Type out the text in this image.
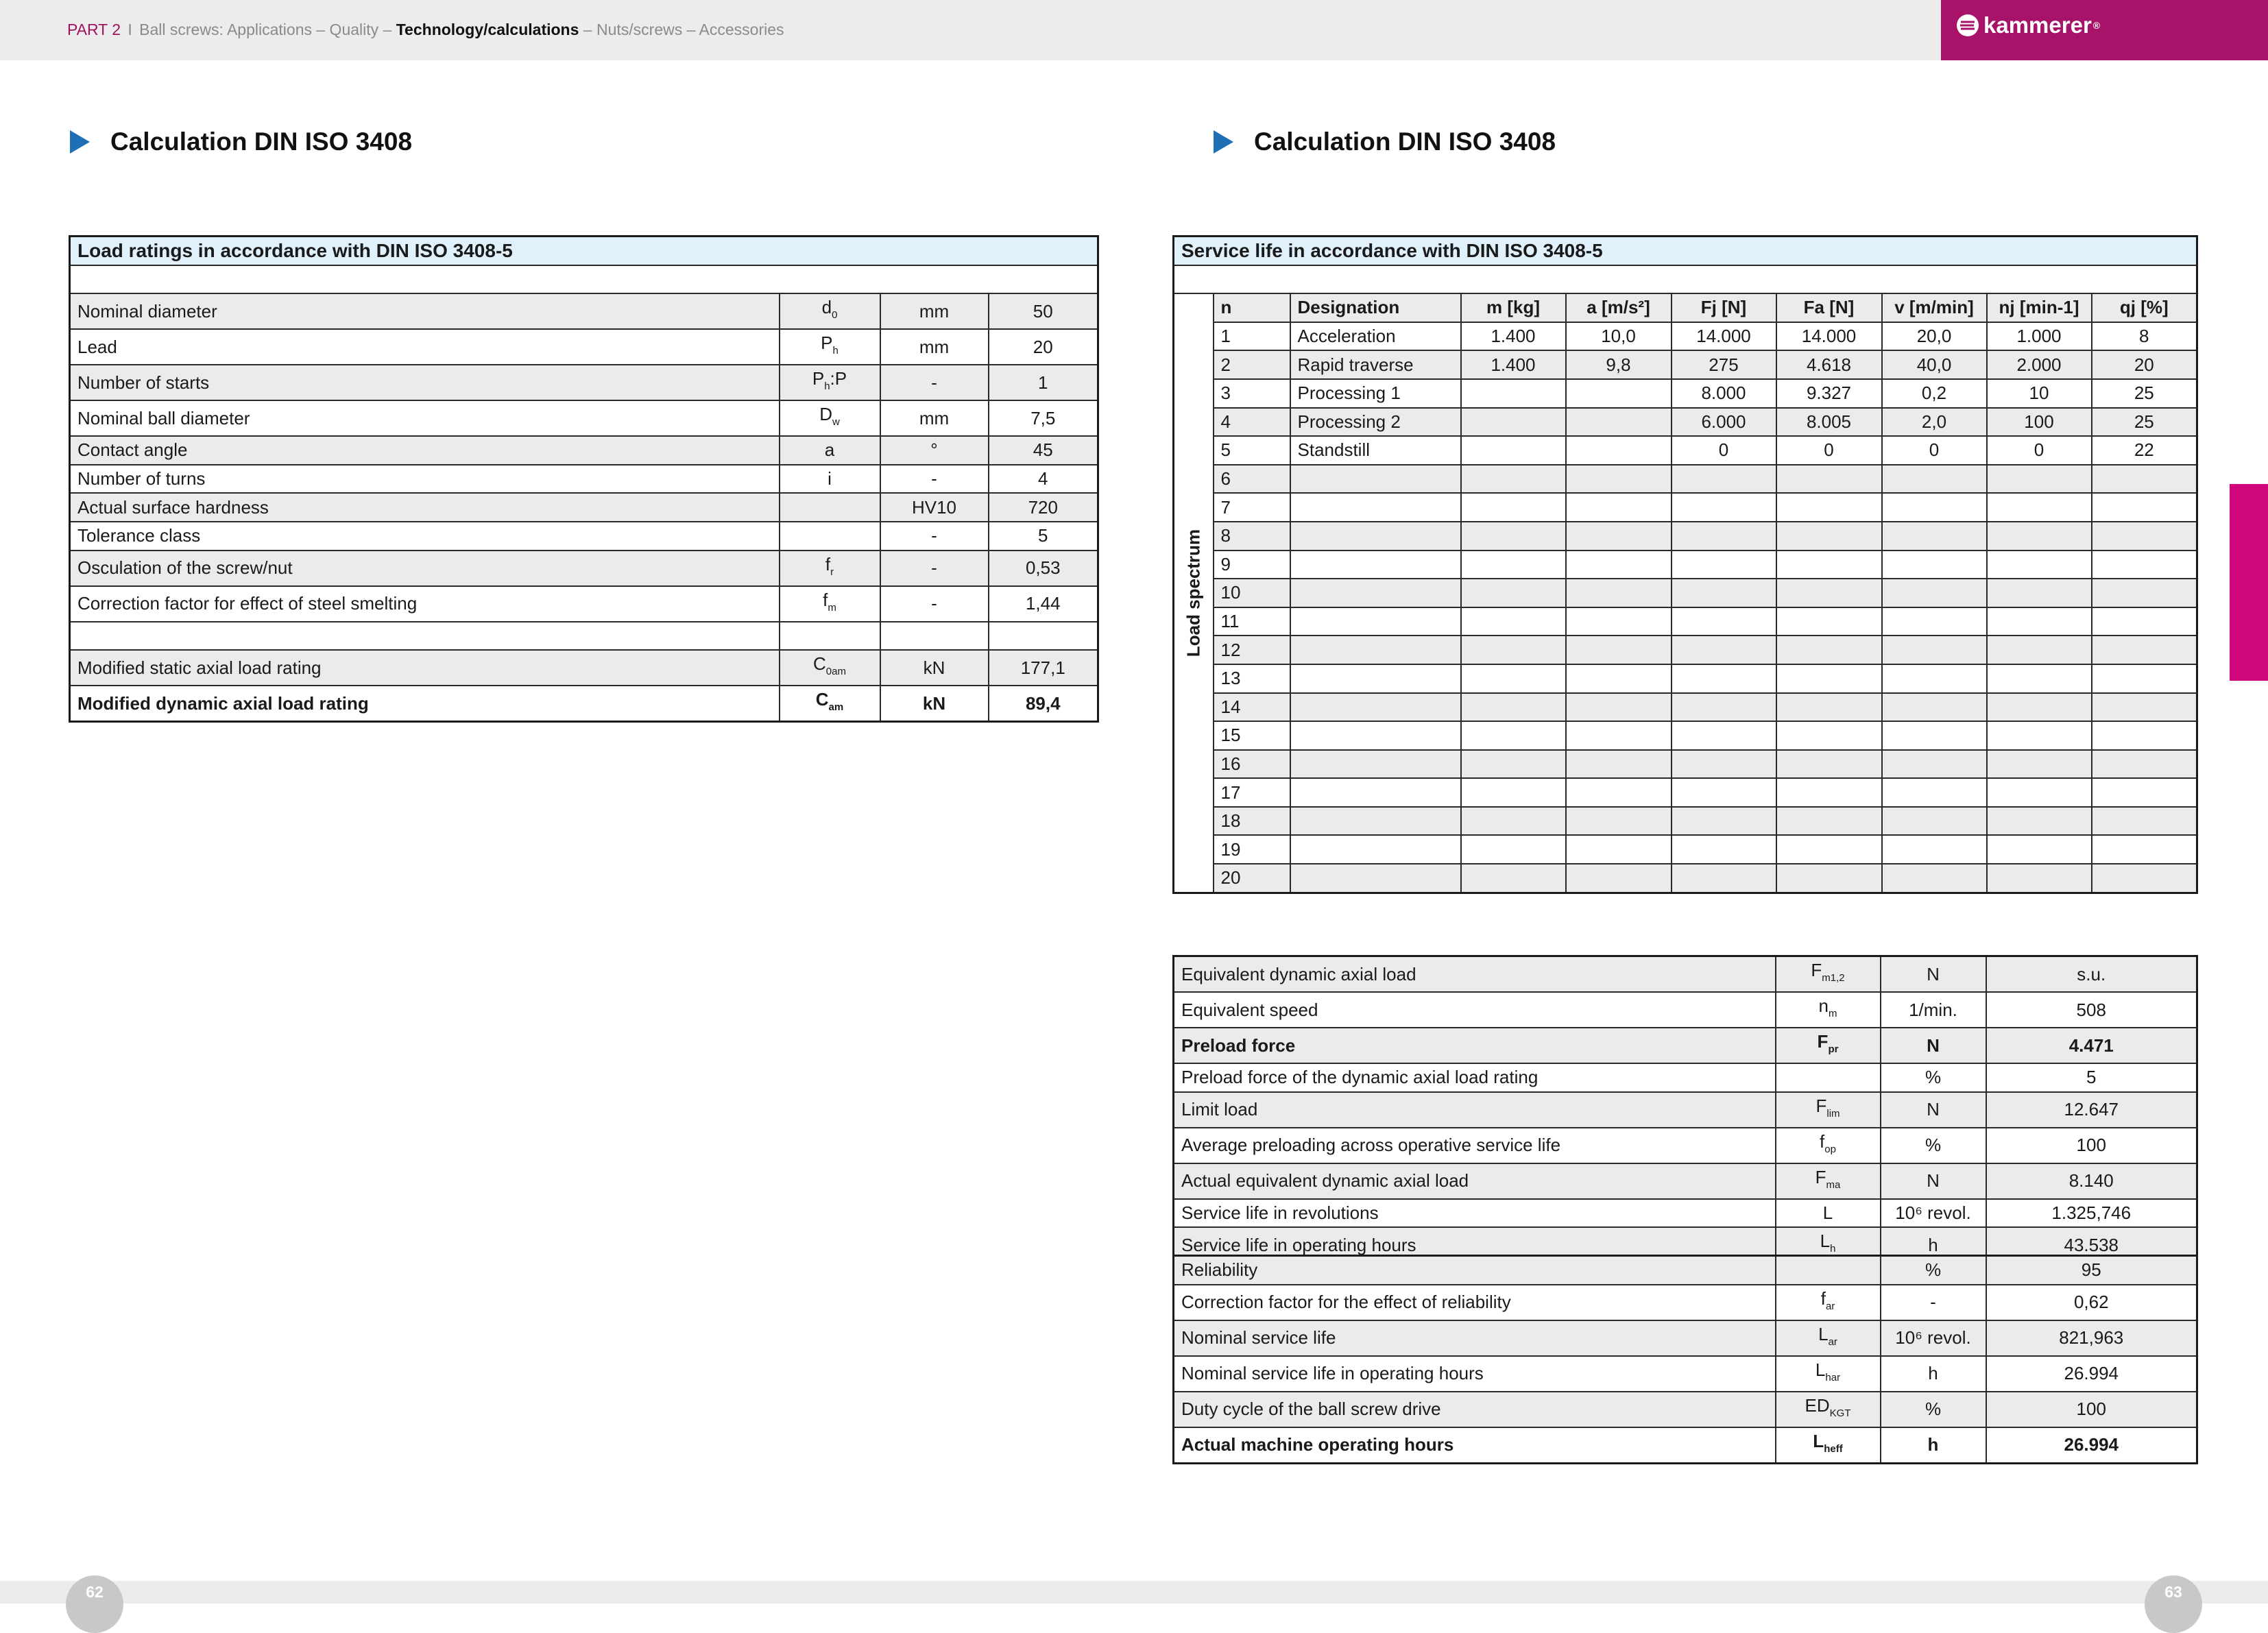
PART 2 I Ball screws: Applications – Quality – Technology/calculations – Nuts/screws – Accessories	kammerer ®
Calculation DIN ISO 3408	Calculation DIN ISO 3408
Load ratings in accordance with DIN ISO 3408-5			

Nominal diameter	$d_0$	mm	50
Lead	$P_h$	mm	20
Number of starts	$P_h:P$	-	1
Nominal ball diameter	$D_w$	mm	7,5
Contact angle	a	°	45
Number of turns	i	-	4
Actual surface hardness		HV10	720
Tolerance class		-	5
Osculation of the screw/nut	$f_r$	-	0,53
Correction factor for effect of steel smelting	$f_m$	-	1,44

Modified static axial load rating	$C_{0am}$	kN	177,1
Modified dynamic axial load rating	$C_{am}$	kN	89,4
Service life in accordance with DIN ISO 3408-5									

Load spectrum	n	Designation	m [kg]	a [m/s²]	Fj [N]	Fa [N]	v [m/min]	nj [min-1]	qj [%]
	1	Acceleration	1.400	10,0	14.000	14.000	20,0	1.000	8
	2	Rapid traverse	1.400	9,8	275	4.618	40,0	2.000	20
	3	Processing 1			8.000	9.327	0,2	10	25
	4	Processing 2			6.000	8.005	2,0	100	25
	5	Standstill			0	0	0	0	22
	6								
	7								
	8								
	9								
	10								
	11								
	12								
	13								
	14								
	15								
	16								
	17								
	18								
	19								
	20								
Equivalent dynamic axial load	$F_{m1,2}$	N	s.u.
Equivalent speed	$n_m$	1/min.	508
Preload force	$F_{pr}$	N	4.471
Preload force of the dynamic axial load rating		%	5
Limit load	$F_{lim}$	N	12.647
Average preloading across operative service life	$f_{op}$	%	100
Actual equivalent dynamic axial load	$F_{ma}$	N	8.140
Service life in revolutions	L	10⁶ revol.	1.325,746
Service life in operating hours	$L_h$	h	43.538
Reliability		%	95
Correction factor for the effect of reliability	$f_{ar}$	-	0,62
Nominal service life	$L_{ar}$	10⁶ revol.	821,963
Nominal service life in operating hours	$L_{har}$	h	26.994
Duty cycle of the ball screw drive	$ED_{KGT}$	%	100
Actual machine operating hours	$L_{heff}$	h	26.994
62	63
